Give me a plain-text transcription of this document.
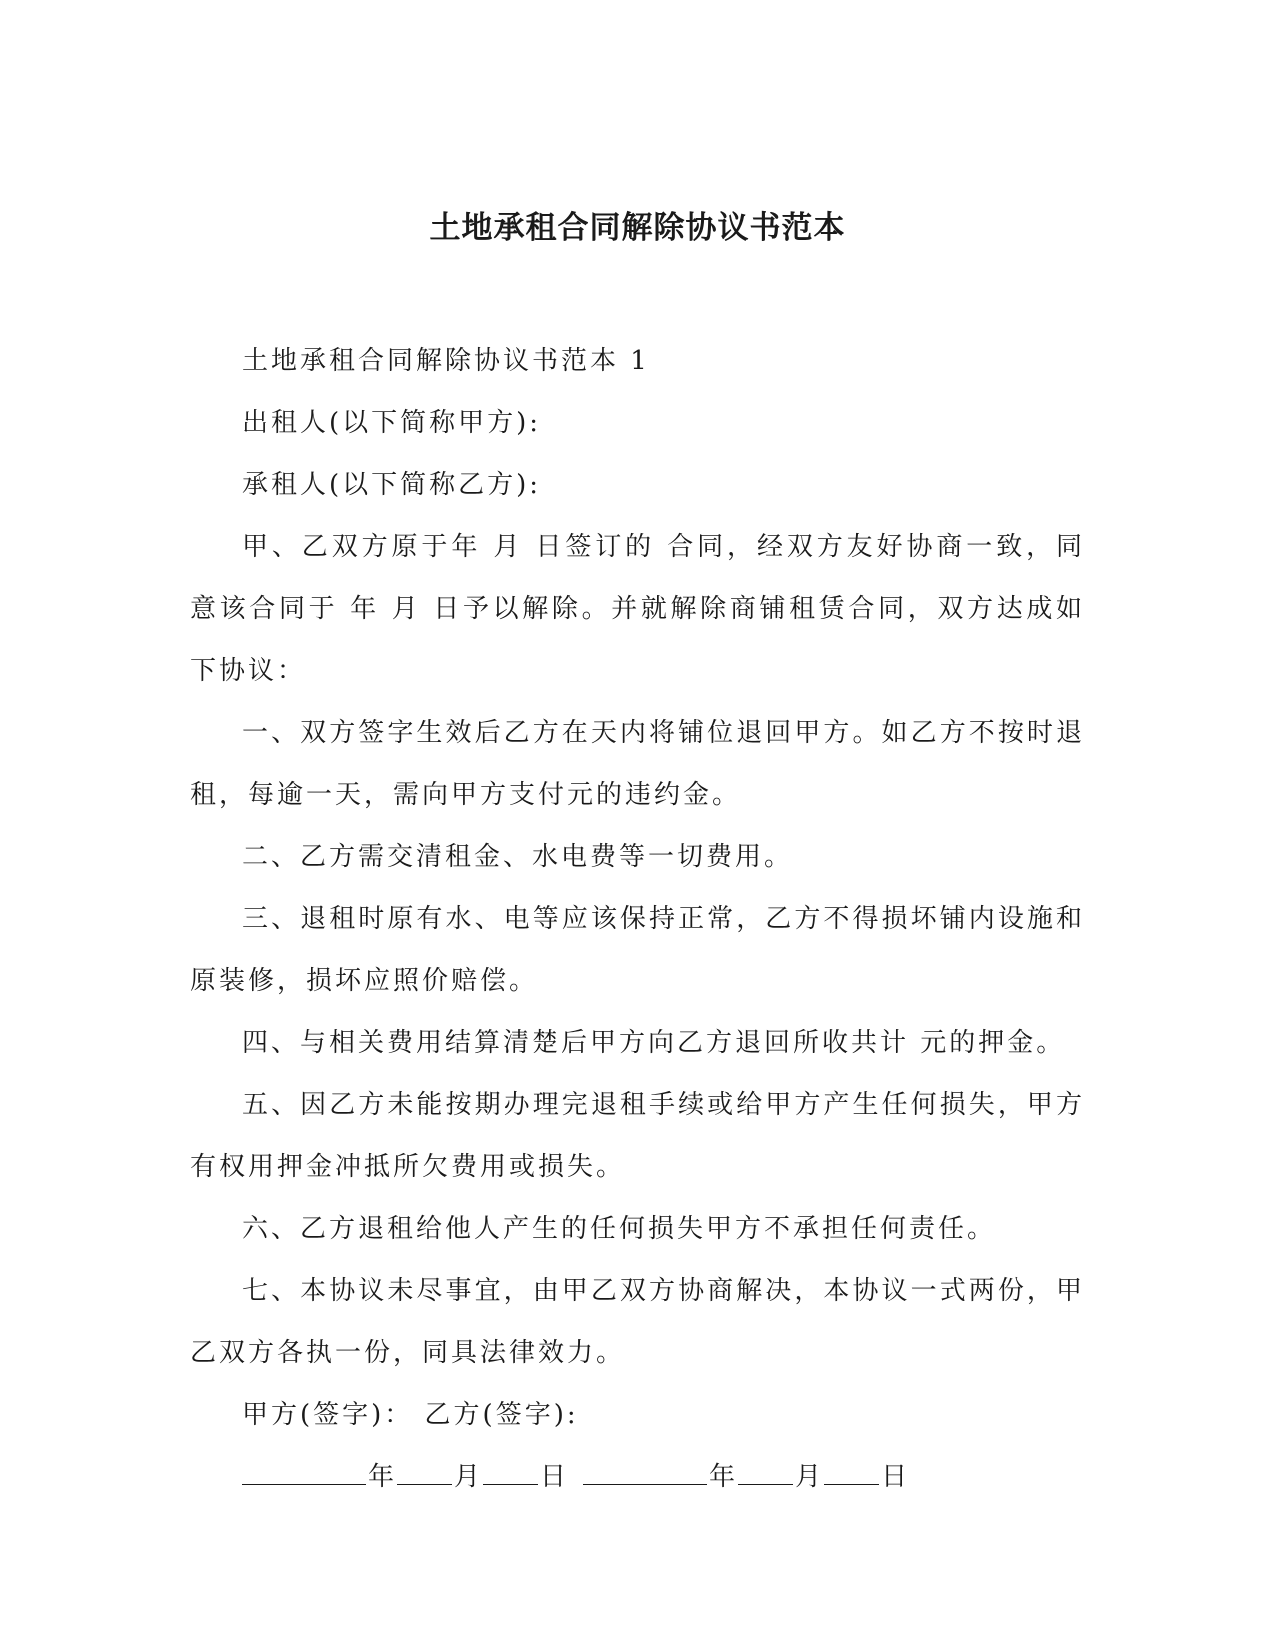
土地承租合同解除协议书范本

土地承租合同解除协议书范本 1

出租人(以下简称甲方):

承租人(以下简称乙方):

甲、乙双方原于年 月 日签订的 合同，经双方友好协商一致，同意该合同于 年 月 日予以解除。并就解除商铺租赁合同，双方达成如下协议：

一、双方签字生效后乙方在天内将铺位退回甲方。如乙方不按时退租，每逾一天，需向甲方支付元的违约金。

二、乙方需交清租金、水电费等一切费用。

三、退租时原有水、电等应该保持正常，乙方不得损坏铺内设施和原装修，损坏应照价赔偿。

四、与相关费用结算清楚后甲方向乙方退回所收共计 元的押金。

五、因乙方未能按期办理完退租手续或给甲方产生任何损失，甲方有权用押金冲抵所欠费用或损失。

六、乙方退租给他人产生的任何损失甲方不承担任何责任。

七、本协议未尽事宜，由甲乙双方协商解决，本协议一式两份，甲乙双方各执一份，同具法律效力。

甲方(签字)： 乙方(签字):

年 月 日	年 月 日
